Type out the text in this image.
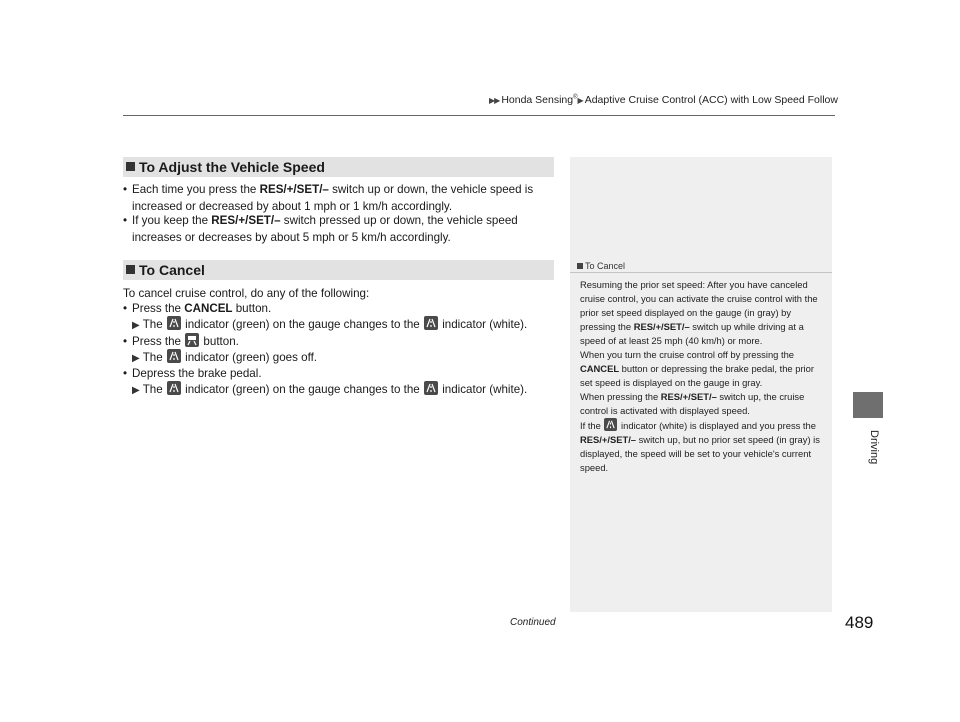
▶▶ Honda Sensing®▶ Adaptive Cruise Control (ACC) with Low Speed Follow
Driving
To Adjust the Vehicle Speed
• Each time you press the RES/+/SET/– switch up or down, the vehicle speed is
increased or decreased by about 1 mph or 1 km/h accordingly.
• If you keep the RES/+/SET/– switch pressed up or down, the vehicle speed
increases or decreases by about 5 mph or 5 km/h accordingly.
To Cancel
To cancel cruise control, do any of the following:
• Press the CANCEL button.
▶ The
indicator (green) on the gauge changes to the
indicator (white).
• Press the
button.
▶ The
indicator (green) goes off.
• Depress the brake pedal.
▶ The
indicator (green) on the gauge changes to the
indicator (white).
To Cancel
Resuming the prior set speed: After you have canceled cruise control, you can activate the cruise control with the prior set speed displayed on the gauge (in gray) by pressing the RES/+/SET/– switch up while driving at a speed of at least 25 mph (40 km/h) or more.
When you turn the cruise control off by pressing the CANCEL button or depressing the brake pedal, the prior set speed is displayed on the gauge in gray.
When pressing the RES/+/SET/– switch up, the cruise control is activated with displayed speed.
If the
indicator (white) is displayed and you press the RES/+/SET/– switch up, but no prior set speed (in gray) is displayed, the speed will be set to your vehicle's current speed.
Continued	489
